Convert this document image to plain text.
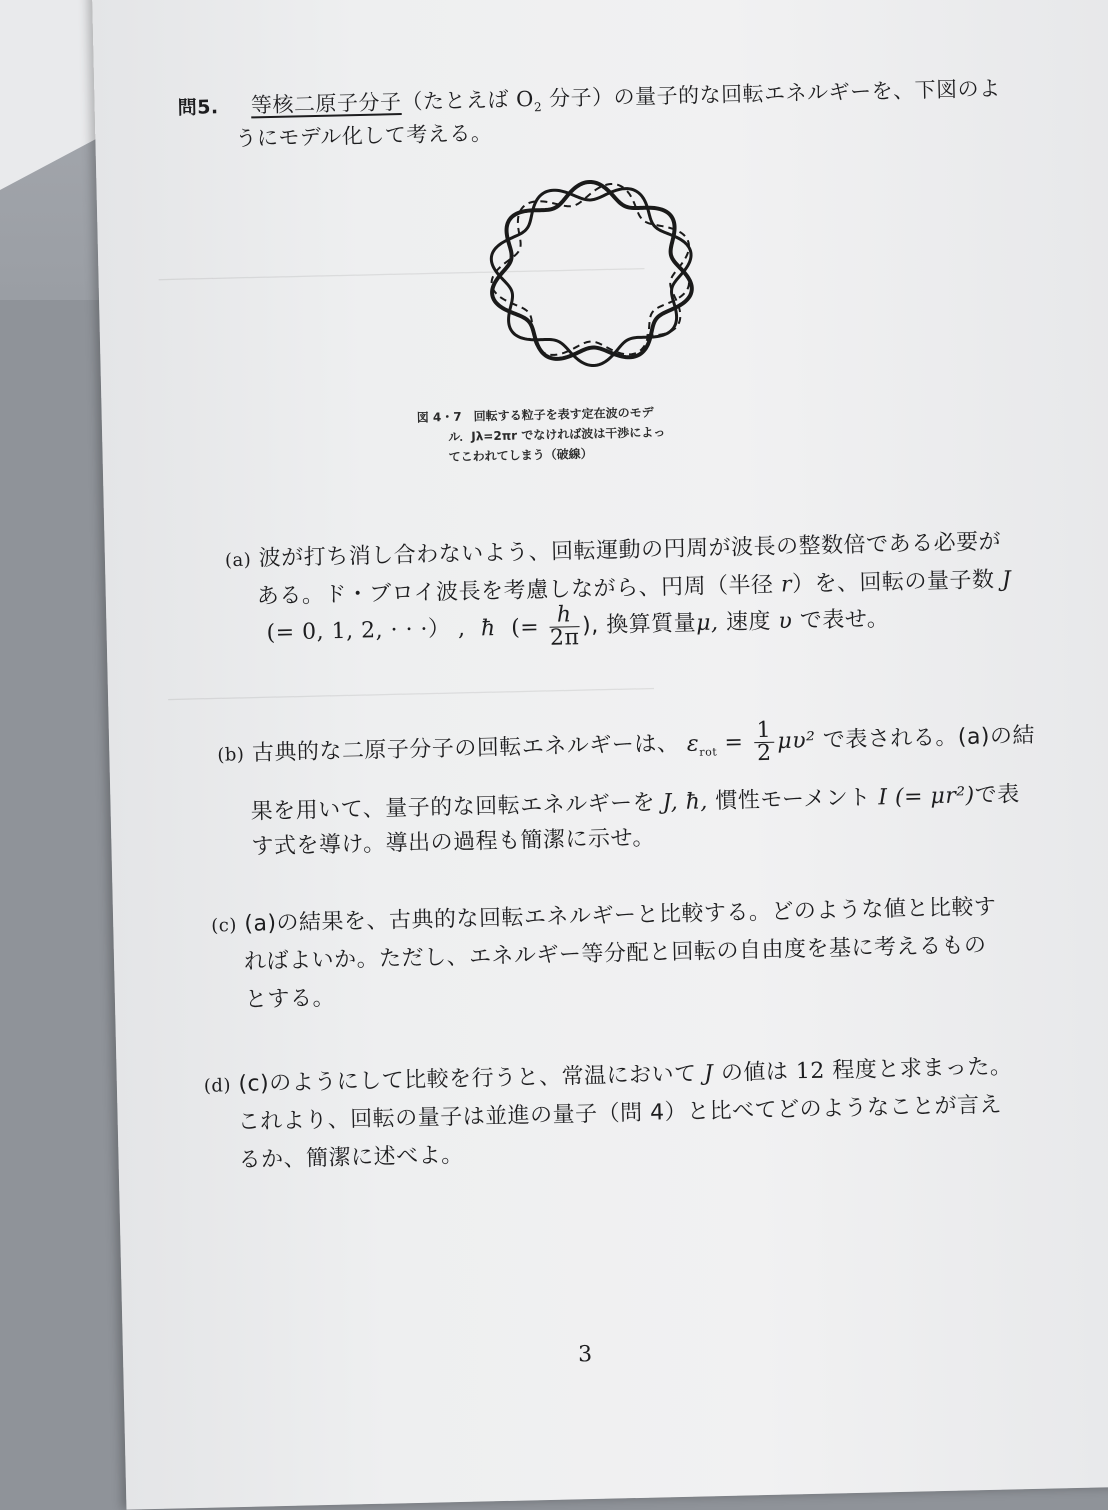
―――――――――――――――――――――――――――
―――――――――――――――――――――――――――
問5. 等核二原子分子（たとえば $O_2$ 分子）の量子的な回転エネルギーを、下図のよ
うにモデル化して考える。
図 4・7　回転する粒子を表す定在波のモデ
ル．Jλ=2πr でなければ波は干渉によっ
てこわれてしまう（破線）
(a) 波が打ち消し合わないよう、回転運動の円周が波長の整数倍である必要が
ある。ド・ブロイ波長を考慮しながら、円周（半径 r）を、回転の量子数 J
(= 0, 1, 2, · · ·） , ħ (= $\frac{h}{2\pi}$ ), 換算質量μ, 速度 υ で表せ。
(b) 古典的な二原子分子の回転エネルギーは、 $\varepsilon_{rot} = \frac{1}{2} \mu\upsilon^2$ で表される。(a)の結
果を用いて、量子的な回転エネルギーを J, ħ, 慣性モーメント I (= μr²)で表
す式を導け。導出の過程も簡潔に示せ。
(c) (a)の結果を、古典的な回転エネルギーと比較する。どのような値と比較す
ればよいか。ただし、エネルギー等分配と回転の自由度を基に考えるもの
とする。
(d) (c)のようにして比較を行うと、常温において J の値は 12 程度と求まった。
これより、回転の量子は並進の量子（問 4）と比べてどのようなことが言え
るか、簡潔に述べよ。
3
